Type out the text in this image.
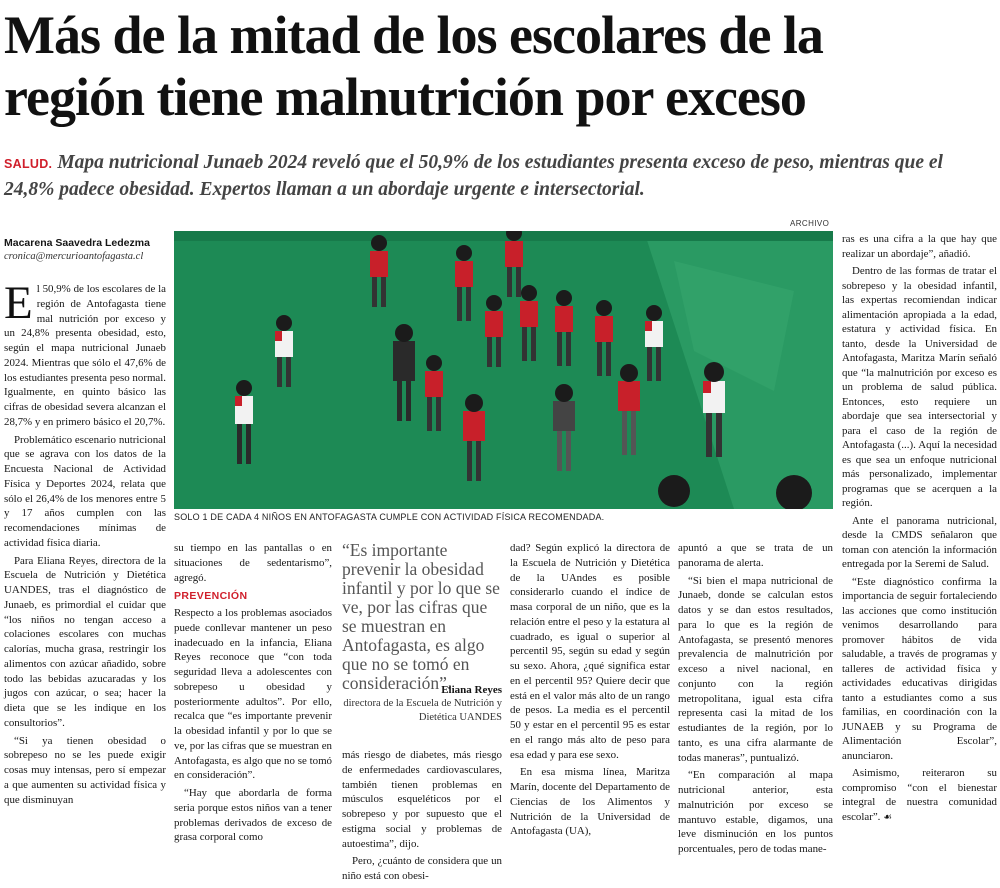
Más de la mitad de los escolares de la
región tiene malnutrición por exceso
SALUD. Mapa nutricional Junaeb 2024 reveló que el 50,9% de los estudiantes presenta exceso de peso, mientras que el 24,8% padece obesidad. Expertos llaman a un abordaje urgente e intersectorial.
Macarena Saavedra Ledezma
cronica@mercurioantofagasta.cl

El 50,9% de los escolares de la región de Antofagasta tiene mal nutrición por exceso y un 24,8% presenta obesidad, esto, según el mapa nutricional Junaeb 2024. Mientras que sólo el 47,6% de los estudiantes presenta peso normal. Igualmente, en quinto básico las cifras de obesidad severa alcanzan el 28,7% y en primero básico el 20,7%.

Problemático escenario nutricional que se agrava con los datos de la Encuesta Nacional de Actividad Física y Deportes 2024, relata que sólo el 26,4% de los menores entre 5 y 17 años cumplen con las recomendaciones mínimas de actividad física diaria.

Para Eliana Reyes, directora de la Escuela de Nutrición y Dietética UANDES, tras el diagnóstico de Junaeb, es primordial el cuidar que “los niños no tengan acceso a colaciones escolares con muchas calorías, mucha grasa, restringir los alimentos con azúcar añadido, sobre todo las bebidas azucaradas y los jugos con azúcar, o sea; hacer la dieta que se les indique en los consultorios”.

“Si ya tienen obesidad o sobrepeso no se les puede exigir cosas muy intensas, pero sí empezar a que aumenten su actividad física y que disminuyan

ARCHIVO
SOLO 1 DE CADA 4 NIÑOS EN ANTOFAGASTA CUMPLE CON ACTIVIDAD FÍSICA RECOMENDADA.

su tiempo en las pantallas o en situaciones de sedentarismo”, agregó.

PREVENCIÓN

Respecto a los problemas asociados puede conllevar mantener un peso inadecuado en la infancia, Eliana Reyes reconoce que “con toda seguridad lleva a adolescentes con sobrepeso u obesidad y posteriormente adultos”. Por ello, recalca que “es importante prevenir la obesidad infantil y por lo que se ve, por las cifras que se muestran en Antofagasta, es algo que no se tomó en consideración”.

“Hay que abordarla de forma seria porque estos niños van a tener problemas derivados de exceso de grasa corporal como

“Es importante prevenir la obesidad infantil y por lo que se ve, por las cifras que se muestran en Antofagasta, es algo que no se tomó en consideración”.
Eliana Reyes
directora de la Escuela de Nutrición y Dietética UANDES

más riesgo de diabetes, más riesgo de enfermedades cardiovasculares, también tienen problemas en músculos esqueléticos por el sobrepeso y por supuesto que el estigma social y problemas de autoestima”, dijo.

Pero, ¿cuánto de considera que un niño está con obesi-

dad? Según explicó la directora de la Escuela de Nutrición y Dietética de la UAndes es posible considerarlo cuando el índice de masa corporal de un niño, que es la relación entre el peso y la estatura al cuadrado, es igual o superior al percentil 95, según su edad y según su sexo. Ahora, ¿qué significa estar en el percentil 95? Quiere decir que está en el valor más alto de un rango de pesos. La media es el percentil 50 y estar en el percentil 95 es estar en el rango más alto de peso para esa edad y para ese sexo.

En esa misma línea, Maritza Marín, docente del Departamento de Ciencias de los Alimentos y Nutrición de la Universidad de Antofagasta (UA),

apuntó a que se trata de un panorama de alerta.

“Si bien el mapa nutricional de Junaeb, donde se calculan estos datos y se dan estos resultados, para lo que es la región de Antofagasta, se presentó menores prevalencia de malnutrición por exceso a nivel nacional, en conjunto con la región metropolitana, igual esta cifra representa casi la mitad de los estudiantes de la región, por lo tanto, es una cifra alarmante de todas maneras”, puntualizó.

“En comparación al mapa nutricional anterior, esta malnutrición por exceso se mantuvo estable, digamos, una leve disminución en los puntos porcentuales, pero de todas mane-

ras es una cifra a la que hay que realizar un abordaje”, añadió.

Dentro de las formas de tratar el sobrepeso y la obesidad infantil, las expertas recomiendan indicar alimentación apropiada a la edad, estatura y actividad física. En tanto, desde la Universidad de Antofagasta, Maritza Marín señaló que “la malnutrición por exceso es un problema de salud pública. Entonces, esto requiere un abordaje que sea intersectorial y para el caso de la región de Antofagasta (...). Aquí la necesidad es que sea un enfoque nutricional más personalizado, implementar programas que se acerquen a la región.

Ante el panorama nutricional, desde la CMDS señalaron que toman con atención la información entregada por la Seremi de Salud.

“Este diagnóstico confirma la importancia de seguir fortaleciendo las acciones que como institución venimos desarrollando para promover hábitos de vida saludable, a través de programas y talleres de actividad física y actividades educativas dirigidas tanto a estudiantes como a sus familias, en coordinación con la JUNAEB y su Programa de Alimentación Escolar”, anunciaron.

Asimismo, reiteraron su compromiso “con el bienestar integral de nuestra comunidad escolar”. ☙
